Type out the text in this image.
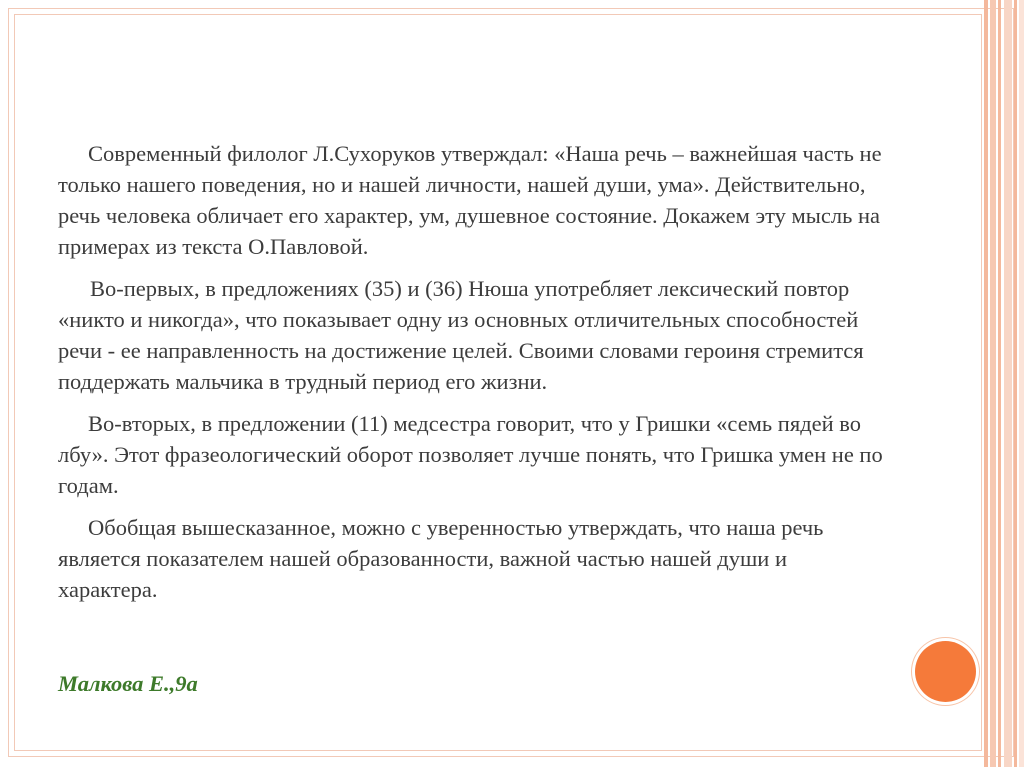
Современный филолог Л.Сухоруков утверждал: «Наша речь – важнейшая часть не только нашего поведения, но и нашей личности, нашей души, ума». Действительно, речь человека обличает его характер, ум, душевное состояние. Докажем эту мысль на примерах из текста О.Павловой.

Во-первых, в предложениях (35) и (36) Нюша употребляет лексический повтор «никто и никогда», что показывает одну из основных отличительных способностей речи - ее направленность на достижение целей. Своими словами героиня стремится поддержать мальчика в трудный период его жизни.

Во-вторых, в предложении (11) медсестра говорит, что у Гришки «семь пядей во лбу». Этот фразеологический оборот позволяет лучше понять, что Гришка умен не по годам.

Обобщая вышесказанное, можно с уверенностью утверждать, что наша речь является показателем нашей образованности, важной частью нашей души и характера.

Малкова Е.,9а
